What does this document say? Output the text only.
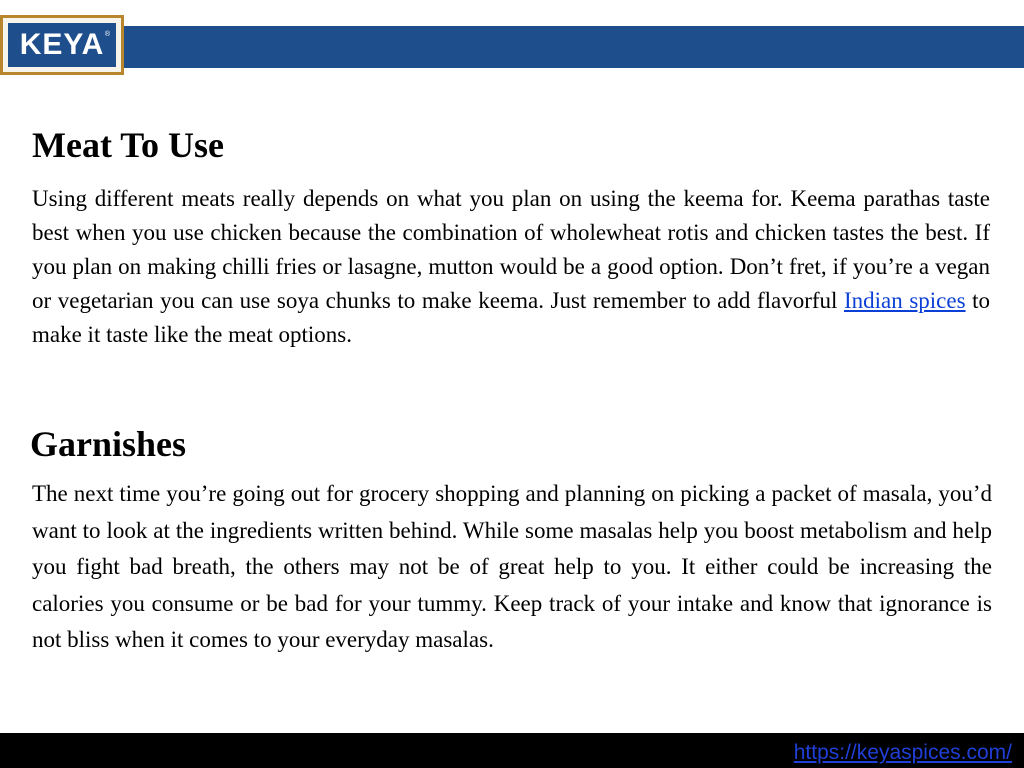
KEYA ®
Meat To Use

Using different meats really depends on what you plan on using the keema for. Keema parathas taste best when you use chicken because the combination of wholewheat rotis and chicken tastes the best. If you plan on making chilli fries or lasagne, mutton would be a good option. Don’t fret, if you’re a vegan or vegetarian you can use soya chunks to make keema. Just remember to add flavorful Indian spices to make it taste like the meat options.

Garnishes

The next time you’re going out for grocery shopping and planning on picking a packet of masala, you’d want to look at the ingredients written behind. While some masalas help you boost metabolism and help you fight bad breath, the others may not be of great help to you. It either could be increasing the calories you consume or be bad for your tummy. Keep track of your intake and know that ignorance is not bliss when it comes to your everyday masalas.

https://keyaspices.com/
